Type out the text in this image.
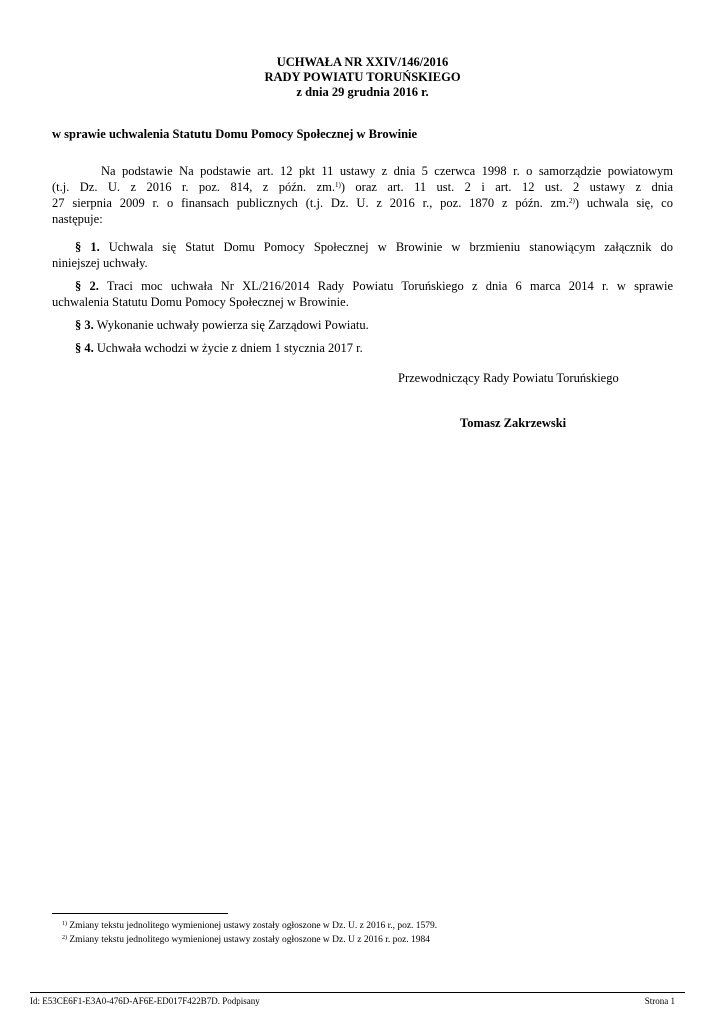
UCHWAŁA NR XXIV/146/2016
RADY POWIATU TORUŃSKIEGO
z dnia 29 grudnia 2016 r.
w sprawie uchwalenia Statutu Domu Pomocy Społecznej w Browinie
Na podstawie Na podstawie art. 12 pkt 11 ustawy z dnia 5 czerwca 1998 r. o samorządzie powiatowym
(t.j. Dz. U. z 2016 r. poz. 814, z późn. zm.$^{1)}$) oraz art. 11 ust. 2 i art. 12 ust. 2 ustawy z dnia
27 sierpnia 2009 r. o finansach publicznych (t.j. Dz. U. z 2016 r., poz. 1870 z późn. zm.$^{2)}$) uchwala się, co
następuje:
§ 1. Uchwala się Statut Domu Pomocy Społecznej w Browinie w brzmieniu stanowiącym załącznik do
niniejszej uchwały.
§ 2. Traci moc uchwała Nr XL/216/2014 Rady Powiatu Toruńskiego z dnia 6 marca 2014 r. w sprawie
uchwalenia Statutu Domu Pomocy Społecznej w Browinie.
§ 3. Wykonanie uchwały powierza się Zarządowi Powiatu.
§ 4. Uchwała wchodzi w życie z dniem 1 stycznia 2017 r.
Przewodniczący Rady Powiatu Toruńskiego
Tomasz Zakrzewski
$^{1)}$ Zmiany tekstu jednolitego wymienionej ustawy zostały ogłoszone w Dz. U. z 2016 r., poz. 1579.
$^{2)}$ Zmiany tekstu jednolitego wymienionej ustawy zostały ogłoszone w Dz. U z 2016 r. poz. 1984
Id: E53CE6F1-E3A0-476D-AF6E-ED017F422B7D. Podpisany	Strona 1
